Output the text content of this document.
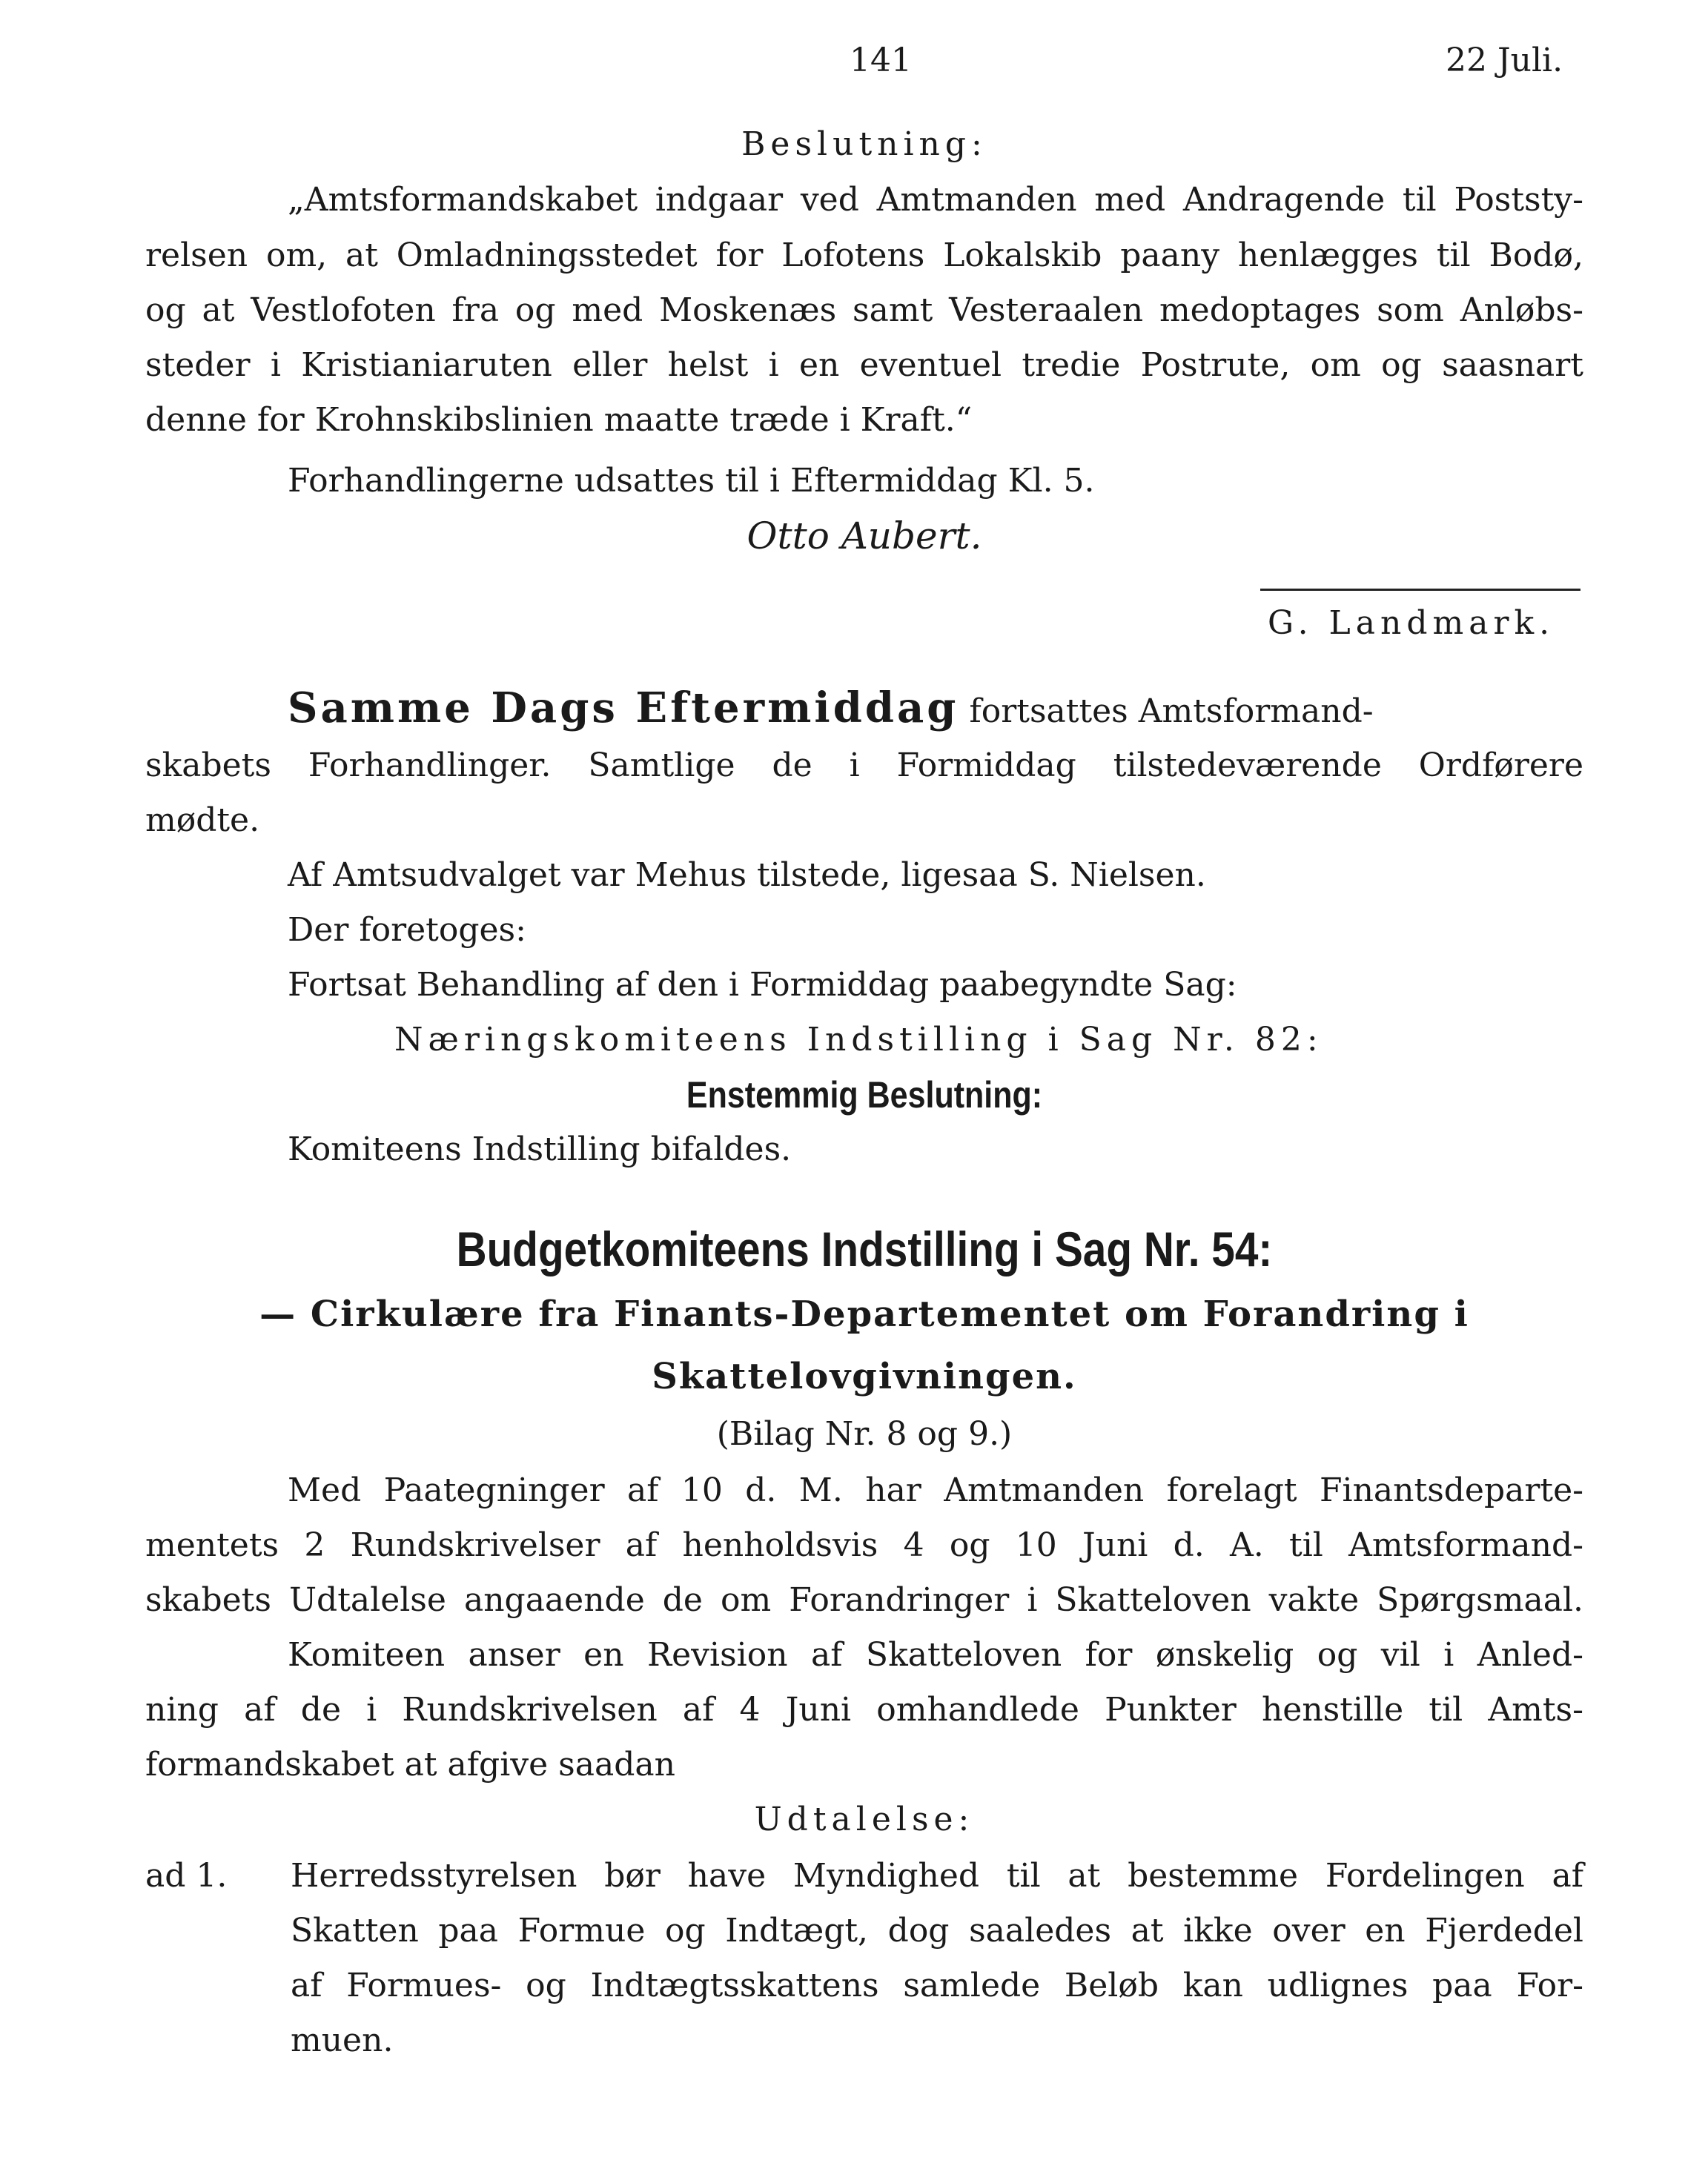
141	22 Juli.
Beslutning:
„Amtsformandskabet indgaar ved Amtmanden med Andragende til Poststy-
relsen om, at Omladningsstedet for Lofotens Lokalskib paany henlægges til Bodø,
og at Vestlofoten fra og med Moskenæs samt Vesteraalen medoptages som Anløbs-
steder i Kristianiaruten eller helst i en eventuel tredie Postrute, om og saasnart
denne for Krohnskibslinien maatte træde i Kraft.“
Forhandlingerne udsattes til i Eftermiddag Kl. 5.
Otto Aubert.
G. Landmark.
Samme Dags Eftermiddag fortsattes Amtsformand-
skabets Forhandlinger. Samtlige de i Formiddag tilstedeværende Ordførere
mødte.
Af Amtsudvalget var Mehus tilstede, ligesaa S. Nielsen.
Der foretoges:
Fortsat Behandling af den i Formiddag paabegyndte Sag:
Næringskomiteens Indstilling i Sag Nr. 82:
Enstemmig Beslutning:
Komiteens Indstilling bifaldes.
Budgetkomiteens Indstilling i Sag Nr. 54:
— Cirkulære fra Finants-Departementet om Forandring i
Skattelovgivningen.
(Bilag Nr. 8 og 9.)
Med Paategninger af 10 d. M. har Amtmanden forelagt Finantsdeparte-
mentets 2 Rundskrivelser af henholdsvis 4 og 10 Juni d. A. til Amtsformand-
skabets Udtalelse angaaende de om Forandringer i Skatteloven vakte Spørgsmaal.
Komiteen anser en Revision af Skatteloven for ønskelig og vil i Anled-
ning af de i Rundskrivelsen af 4 Juni omhandlede Punkter henstille til Amts-
formandskabet at afgive saadan
Udtalelse:
ad 1. Herredsstyrelsen bør have Myndighed til at bestemme Fordelingen af
Skatten paa Formue og Indtægt, dog saaledes at ikke over en Fjerdedel
af Formues- og Indtægtsskattens samlede Beløb kan udlignes paa For-
muen.
